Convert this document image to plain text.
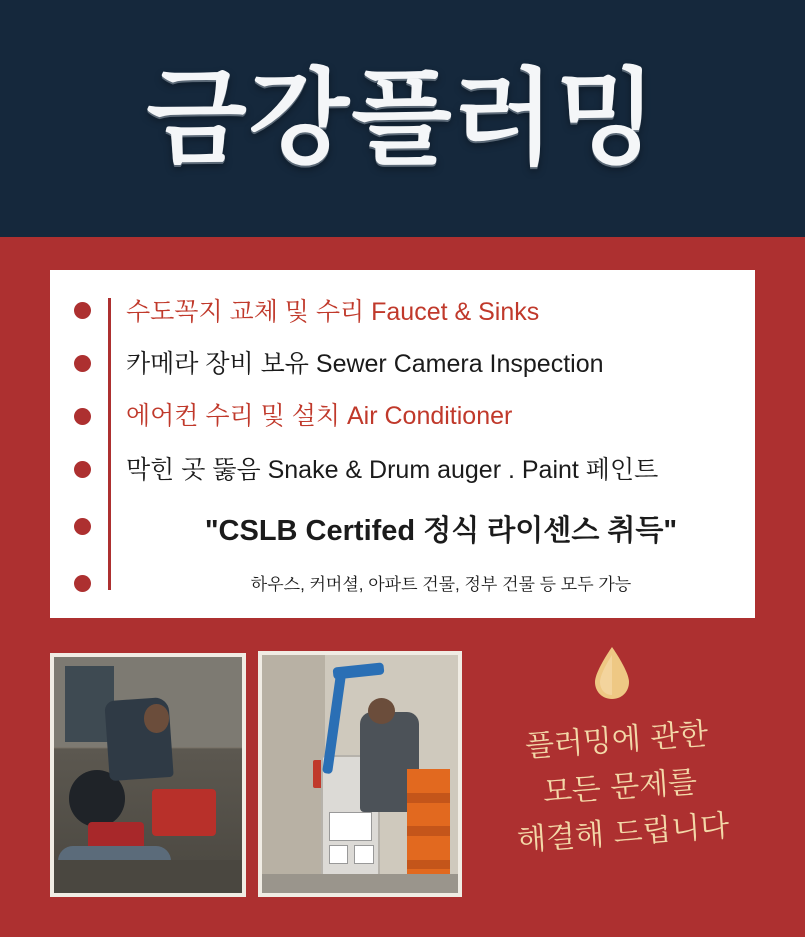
금강플러밍
수도꼭지 교체 및 수리 Faucet & Sinks
카메라 장비 보유 Sewer Camera Inspection
에어컨 수리 및 설치 Air Conditioner
막힌 곳 뚫음 Snake & Drum auger . Paint 페인트
"CSLB Certifed 정식 라이센스 취득"
하우스, 커머셜, 아파트 건물, 정부 건물 등 모두 가능
플러밍에 관한
모든 문제를
해결해 드립니다
